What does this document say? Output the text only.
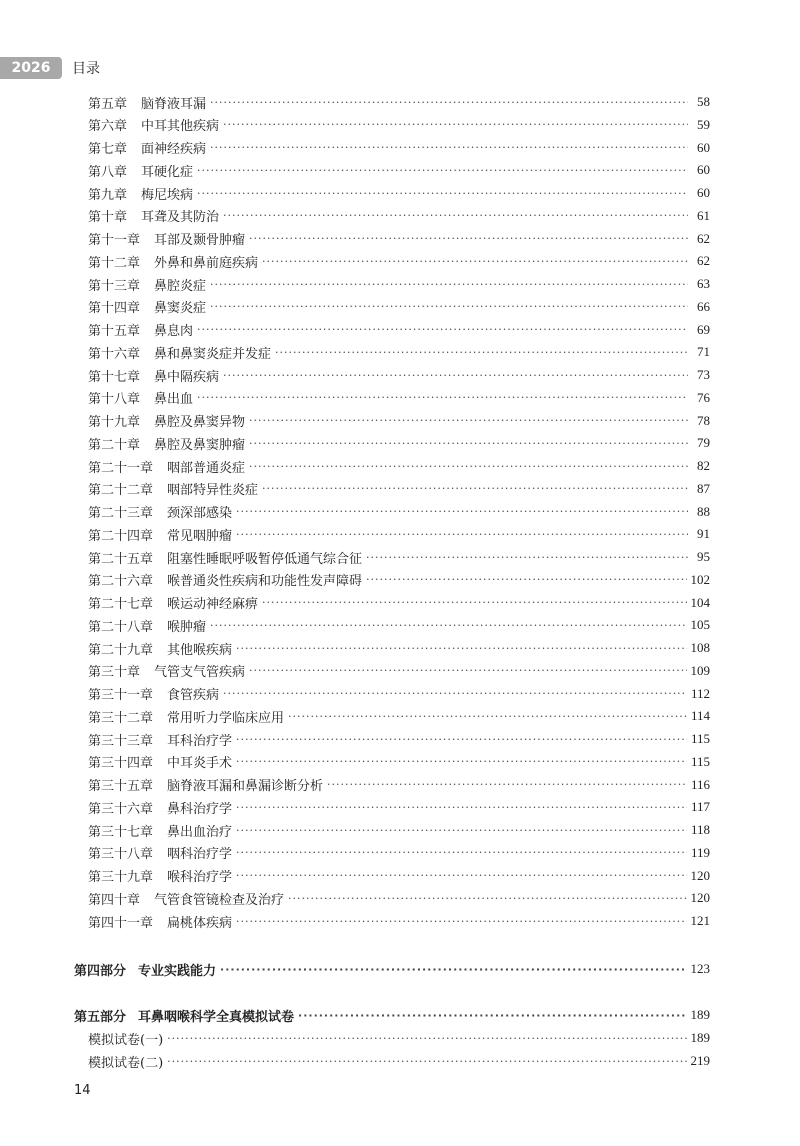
2026	目录
第五章 脑脊液耳漏 ·····	58
第六章 中耳其他疾病 ·····	59
第七章 面神经疾病 ·····	60
第八章 耳硬化症 ·····	60
第九章 梅尼埃病 ·····	60
第十章 耳聋及其防治 ·····	61
第十一章 耳部及颞骨肿瘤 ·····	62
第十二章 外鼻和鼻前庭疾病 ·····	62
第十三章 鼻腔炎症 ·····	63
第十四章 鼻窦炎症 ·····	66
第十五章 鼻息肉 ·····	69
第十六章 鼻和鼻窦炎症并发症 ·····	71
第十七章 鼻中隔疾病 ·····	73
第十八章 鼻出血 ·····	76
第十九章 鼻腔及鼻窦异物 ·····	78
第二十章 鼻腔及鼻窦肿瘤 ·····	79
第二十一章 咽部普通炎症 ·····	82
第二十二章 咽部特异性炎症 ·····	87
第二十三章 颈深部感染 ·····	88
第二十四章 常见咽肿瘤 ·····	91
第二十五章 阻塞性睡眠呼吸暂停低通气综合征 ·····	95
第二十六章 喉普通炎性疾病和功能性发声障碍 ·····	102
第二十七章 喉运动神经麻痹 ·····	104
第二十八章 喉肿瘤 ·····	105
第二十九章 其他喉疾病 ·····	108
第三十章 气管支气管疾病 ·····	109
第三十一章 食管疾病 ·····	112
第三十二章 常用听力学临床应用 ·····	114
第三十三章 耳科治疗学 ·····	115
第三十四章 中耳炎手术 ·····	115
第三十五章 脑脊液耳漏和鼻漏诊断分析 ·····	116
第三十六章 鼻科治疗学 ·····	117
第三十七章 鼻出血治疗 ·····	118
第三十八章 咽科治疗学 ·····	119
第三十九章 喉科治疗学 ·····	120
第四十章 气管食管镜检查及治疗 ·····	120
第四十一章 扁桃体疾病 ·····	121
第四部分 专业实践能力 ·····	123
第五部分 耳鼻咽喉科学全真模拟试卷 ·····	189
模拟试卷(一) ·····	189
模拟试卷(二) ·····	219
14
